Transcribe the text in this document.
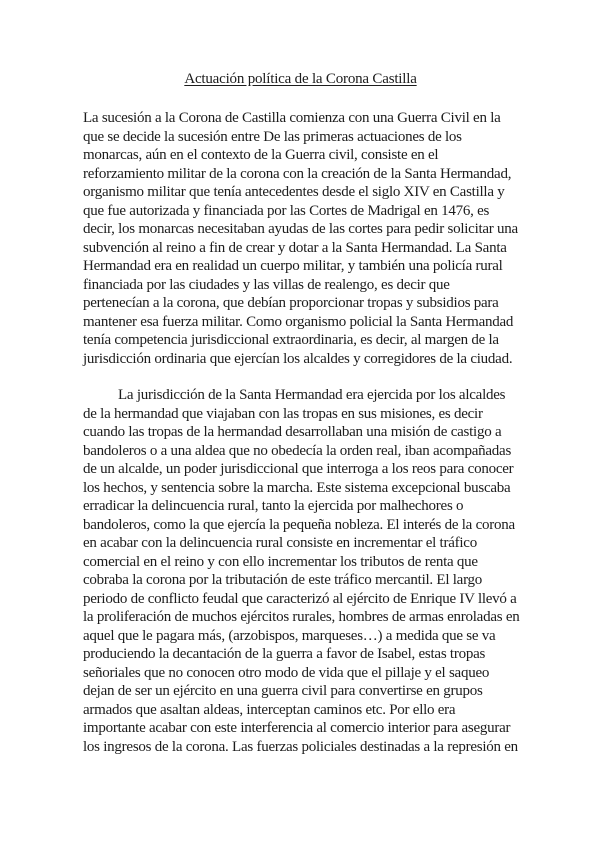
Actuación política de la Corona Castilla
La sucesión a la Corona de Castilla comienza con una Guerra Civil en la
que se decide la sucesión entre De las primeras actuaciones de los
monarcas, aún en el contexto de la Guerra civil, consiste en el
reforzamiento militar de la corona con la creación de la Santa Hermandad,
organismo militar que tenía antecedentes desde el siglo XIV en Castilla y
que fue autorizada y financiada por las Cortes de Madrigal en 1476, es
decir, los monarcas necesitaban ayudas de las cortes para pedir solicitar una
subvención al reino a fin de crear y dotar a la Santa Hermandad. La Santa
Hermandad era en realidad un cuerpo militar, y también una policía rural
financiada por las ciudades y las villas de realengo, es decir que
pertenecían a la corona, que debían proporcionar tropas y subsidios para
mantener esa fuerza militar. Como organismo policial la Santa Hermandad
tenía competencia jurisdiccional extraordinaria, es decir, al margen de la
jurisdicción ordinaria que ejercían los alcaldes y corregidores de la ciudad.
La jurisdicción de la Santa Hermandad era ejercida por los alcaldes
de la hermandad que viajaban con las tropas en sus misiones, es decir
cuando las tropas de la hermandad desarrollaban una misión de castigo a
bandoleros o a una aldea que no obedecía la orden real, iban acompañadas
de un alcalde, un poder jurisdiccional que interroga a los reos para conocer
los hechos, y sentencia sobre la marcha. Este sistema excepcional buscaba
erradicar la delincuencia rural, tanto la ejercida por malhechores o
bandoleros, como la que ejercía la pequeña nobleza. El interés de la corona
en acabar con la delincuencia rural consiste en incrementar el tráfico
comercial en el reino y con ello incrementar los tributos de renta que
cobraba la corona por la tributación de este tráfico mercantil. El largo
periodo de conflicto feudal que caracterizó al ejército de Enrique IV llevó a
la proliferación de muchos ejércitos rurales, hombres de armas enroladas en
aquel que le pagara más, (arzobispos, marqueses…) a medida que se va
produciendo la decantación de la guerra a favor de Isabel, estas tropas
señoriales que no conocen otro modo de vida que el pillaje y el saqueo
dejan de ser un ejército en una guerra civil para convertirse en grupos
armados que asaltan aldeas, interceptan caminos etc. Por ello era
importante acabar con este interferencia al comercio interior para asegurar
los ingresos de la corona. Las fuerzas policiales destinadas a la represión en
